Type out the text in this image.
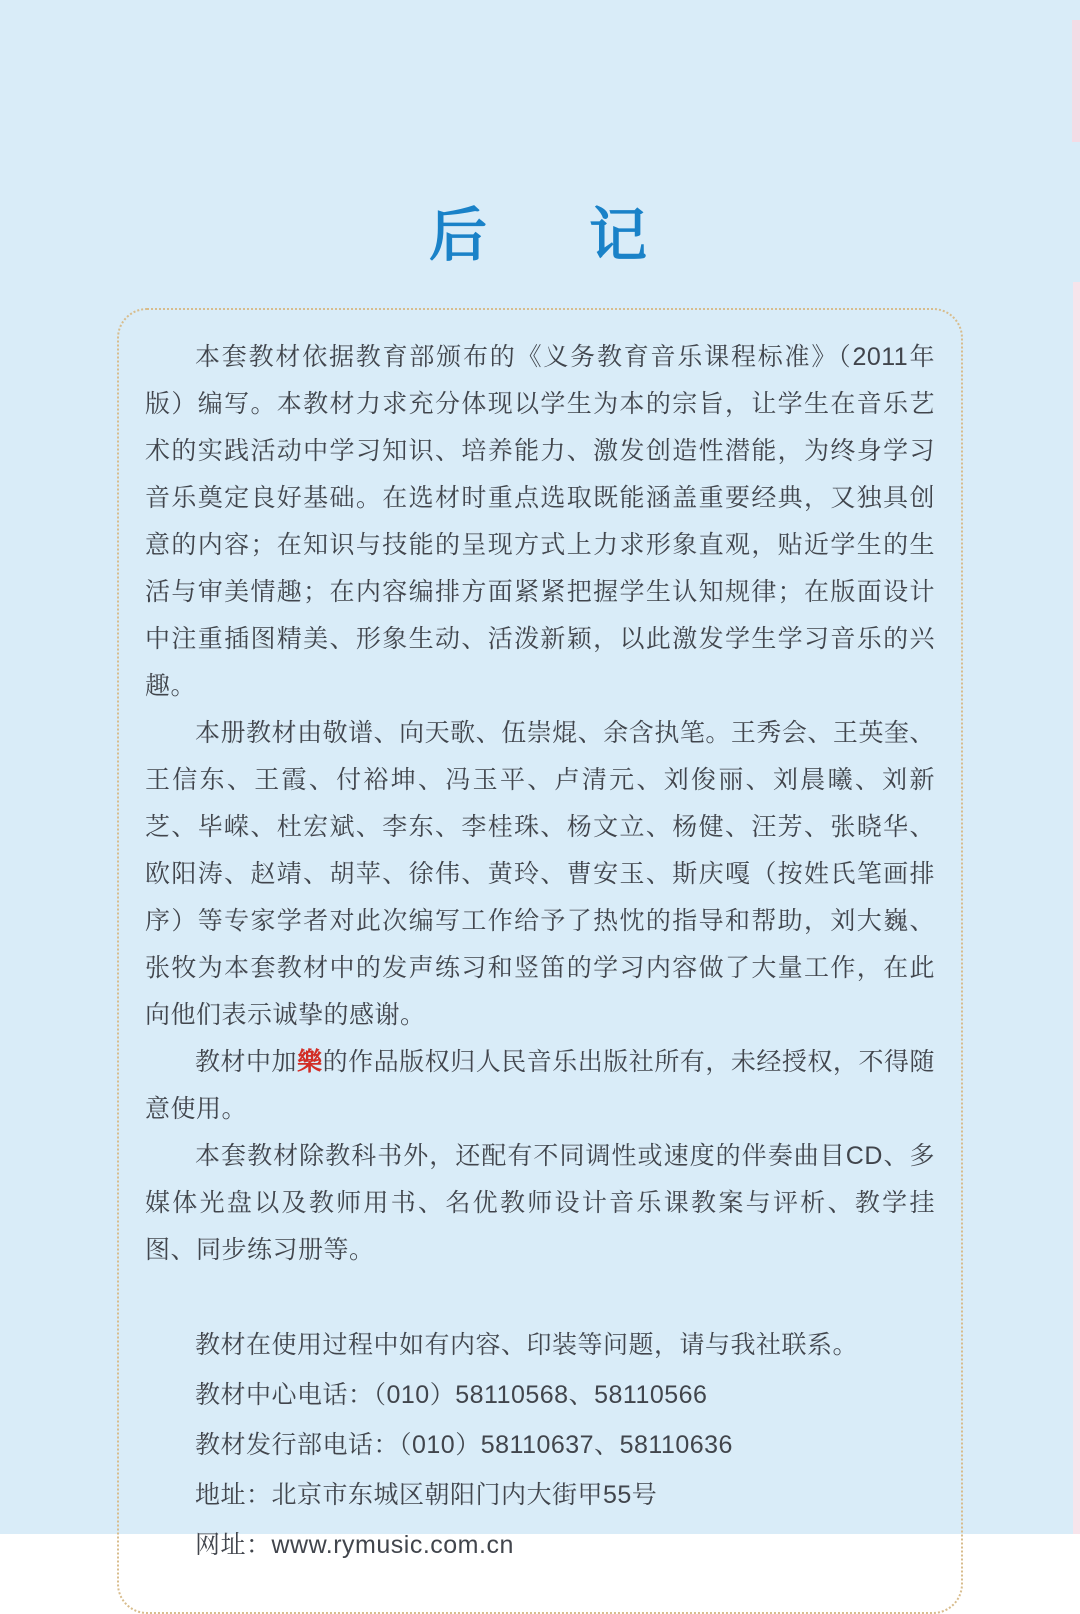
后 记

本套教材依据教育部颁布的《义务教育音乐课程标准》（2011年版）编写。本教材力求充分体现以学生为本的宗旨，让学生在音乐艺术的实践活动中学习知识、培养能力、激发创造性潜能，为终身学习音乐奠定良好基础。在选材时重点选取既能涵盖重要经典，又独具创意的内容；在知识与技能的呈现方式上力求形象直观，贴近学生的生活与审美情趣；在内容编排方面紧紧把握学生认知规律；在版面设计中注重插图精美、形象生动、活泼新颖，以此激发学生学习音乐的兴趣。

本册教材由敬谱、向天歌、伍崇焜、余含执笔。王秀会、王英奎、王信东、王霞、付裕坤、冯玉平、卢清元、刘俊丽、刘晨曦、刘新芝、毕嵘、杜宏斌、李东、李桂珠、杨文立、杨健、汪芳、张晓华、欧阳涛、赵靖、胡苹、徐伟、黄玲、曹安玉、斯庆嘎（按姓氏笔画排序）等专家学者对此次编写工作给予了热忱的指导和帮助，刘大巍、张牧为本套教材中的发声练习和竖笛的学习内容做了大量工作，在此向他们表示诚挚的感谢。

教材中加樂的作品版权归人民音乐出版社所有，未经授权，不得随意使用。

本套教材除教科书外，还配有不同调性或速度的伴奏曲目CD、多媒体光盘以及教师用书、名优教师设计音乐课教案与评析、教学挂图、同步练习册等。

教材在使用过程中如有内容、印装等问题，请与我社联系。

教材中心电话：（010）58110568、58110566

教材发行部电话：（010）58110637、58110636

地址：北京市东城区朝阳门内大街甲55号

网址：www.rymusic.com.cn
